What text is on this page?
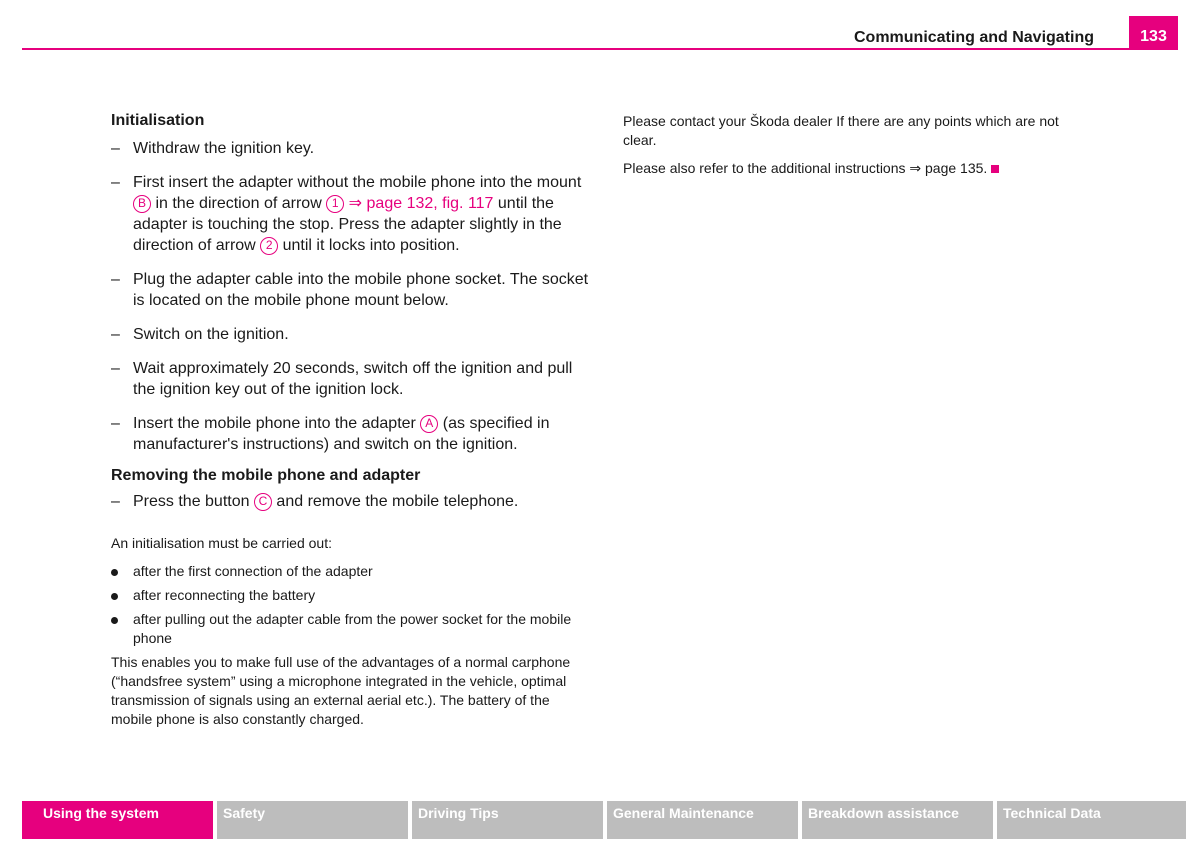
Communicating and Navigating	133
Initialisation
– Withdraw the ignition key.
– First insert the adapter without the mobile phone into the mount B in the direction of arrow 1 ⇒ page 132, fig. 117 until the adapter is touching the stop. Press the adapter slightly in the direction of arrow 2 until it locks into position.
– Plug the adapter cable into the mobile phone socket. The socket is located on the mobile phone mount below.
– Switch on the ignition.
– Wait approximately 20 seconds, switch off the ignition and pull the ignition key out of the ignition lock.
– Insert the mobile phone into the adapter A (as specified in manufacturer's instructions) and switch on the ignition.
Removing the mobile phone and adapter
– Press the button C and remove the mobile telephone.
An initialisation must be carried out:
after the first connection of the adapter
after reconnecting the battery
after pulling out the adapter cable from the power socket for the mobile phone
This enables you to make full use of the advantages of a normal carphone (“handsfree system” using a microphone integrated in the vehicle, optimal transmission of signals using an external aerial etc.). The battery of the mobile phone is also constantly charged.
Please contact your Škoda dealer If there are any points which are not clear.
Please also refer to the additional instructions ⇒ page 135.
Using the system	Safety	Driving Tips	General Maintenance	Breakdown assistance	Technical Data
